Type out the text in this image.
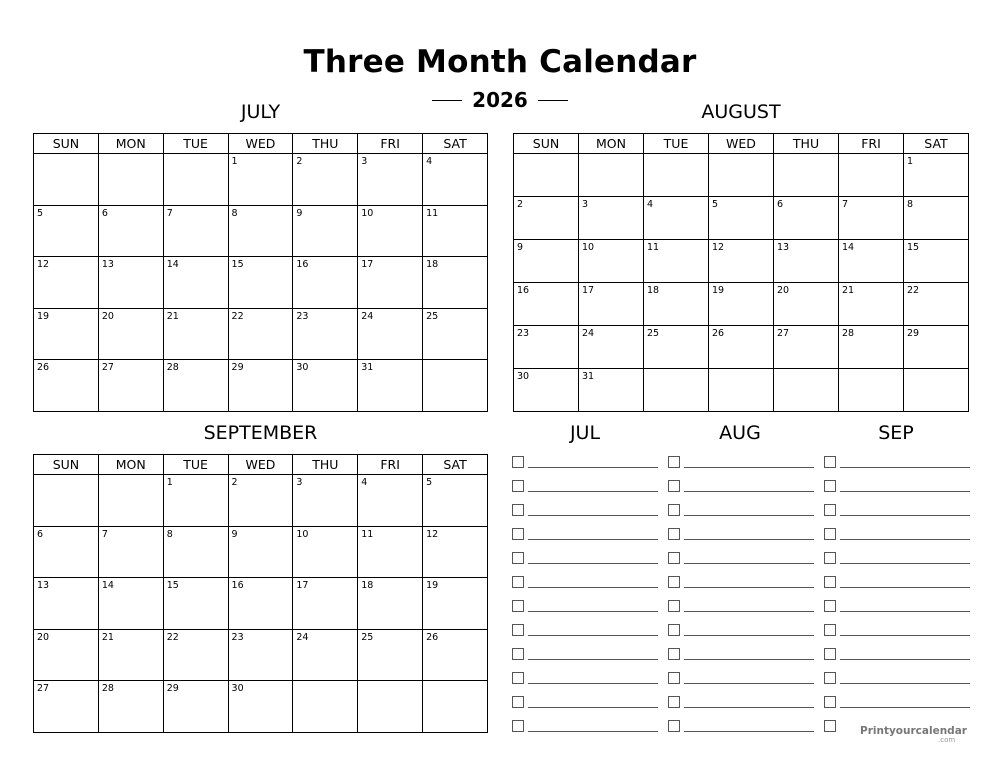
Three Month Calendar
2026
JULY
SUN	MON	TUE	WED	THU	FRI	SAT
			1	2	3	4
5	6	7	8	9	10	11
12	13	14	15	16	17	18
19	20	21	22	23	24	25
26	27	28	29	30	31	
AUGUST
SUN	MON	TUE	WED	THU	FRI	SAT
						1
2	3	4	5	6	7	8
9	10	11	12	13	14	15
16	17	18	19	20	21	22
23	24	25	26	27	28	29
30	31					
SEPTEMBER
SUN	MON	TUE	WED	THU	FRI	SAT
		1	2	3	4	5
6	7	8	9	10	11	12
13	14	15	16	17	18	19
20	21	22	23	24	25	26
27	28	29	30			
JUL	AUG	SEP
Printyourcalendar
.com
